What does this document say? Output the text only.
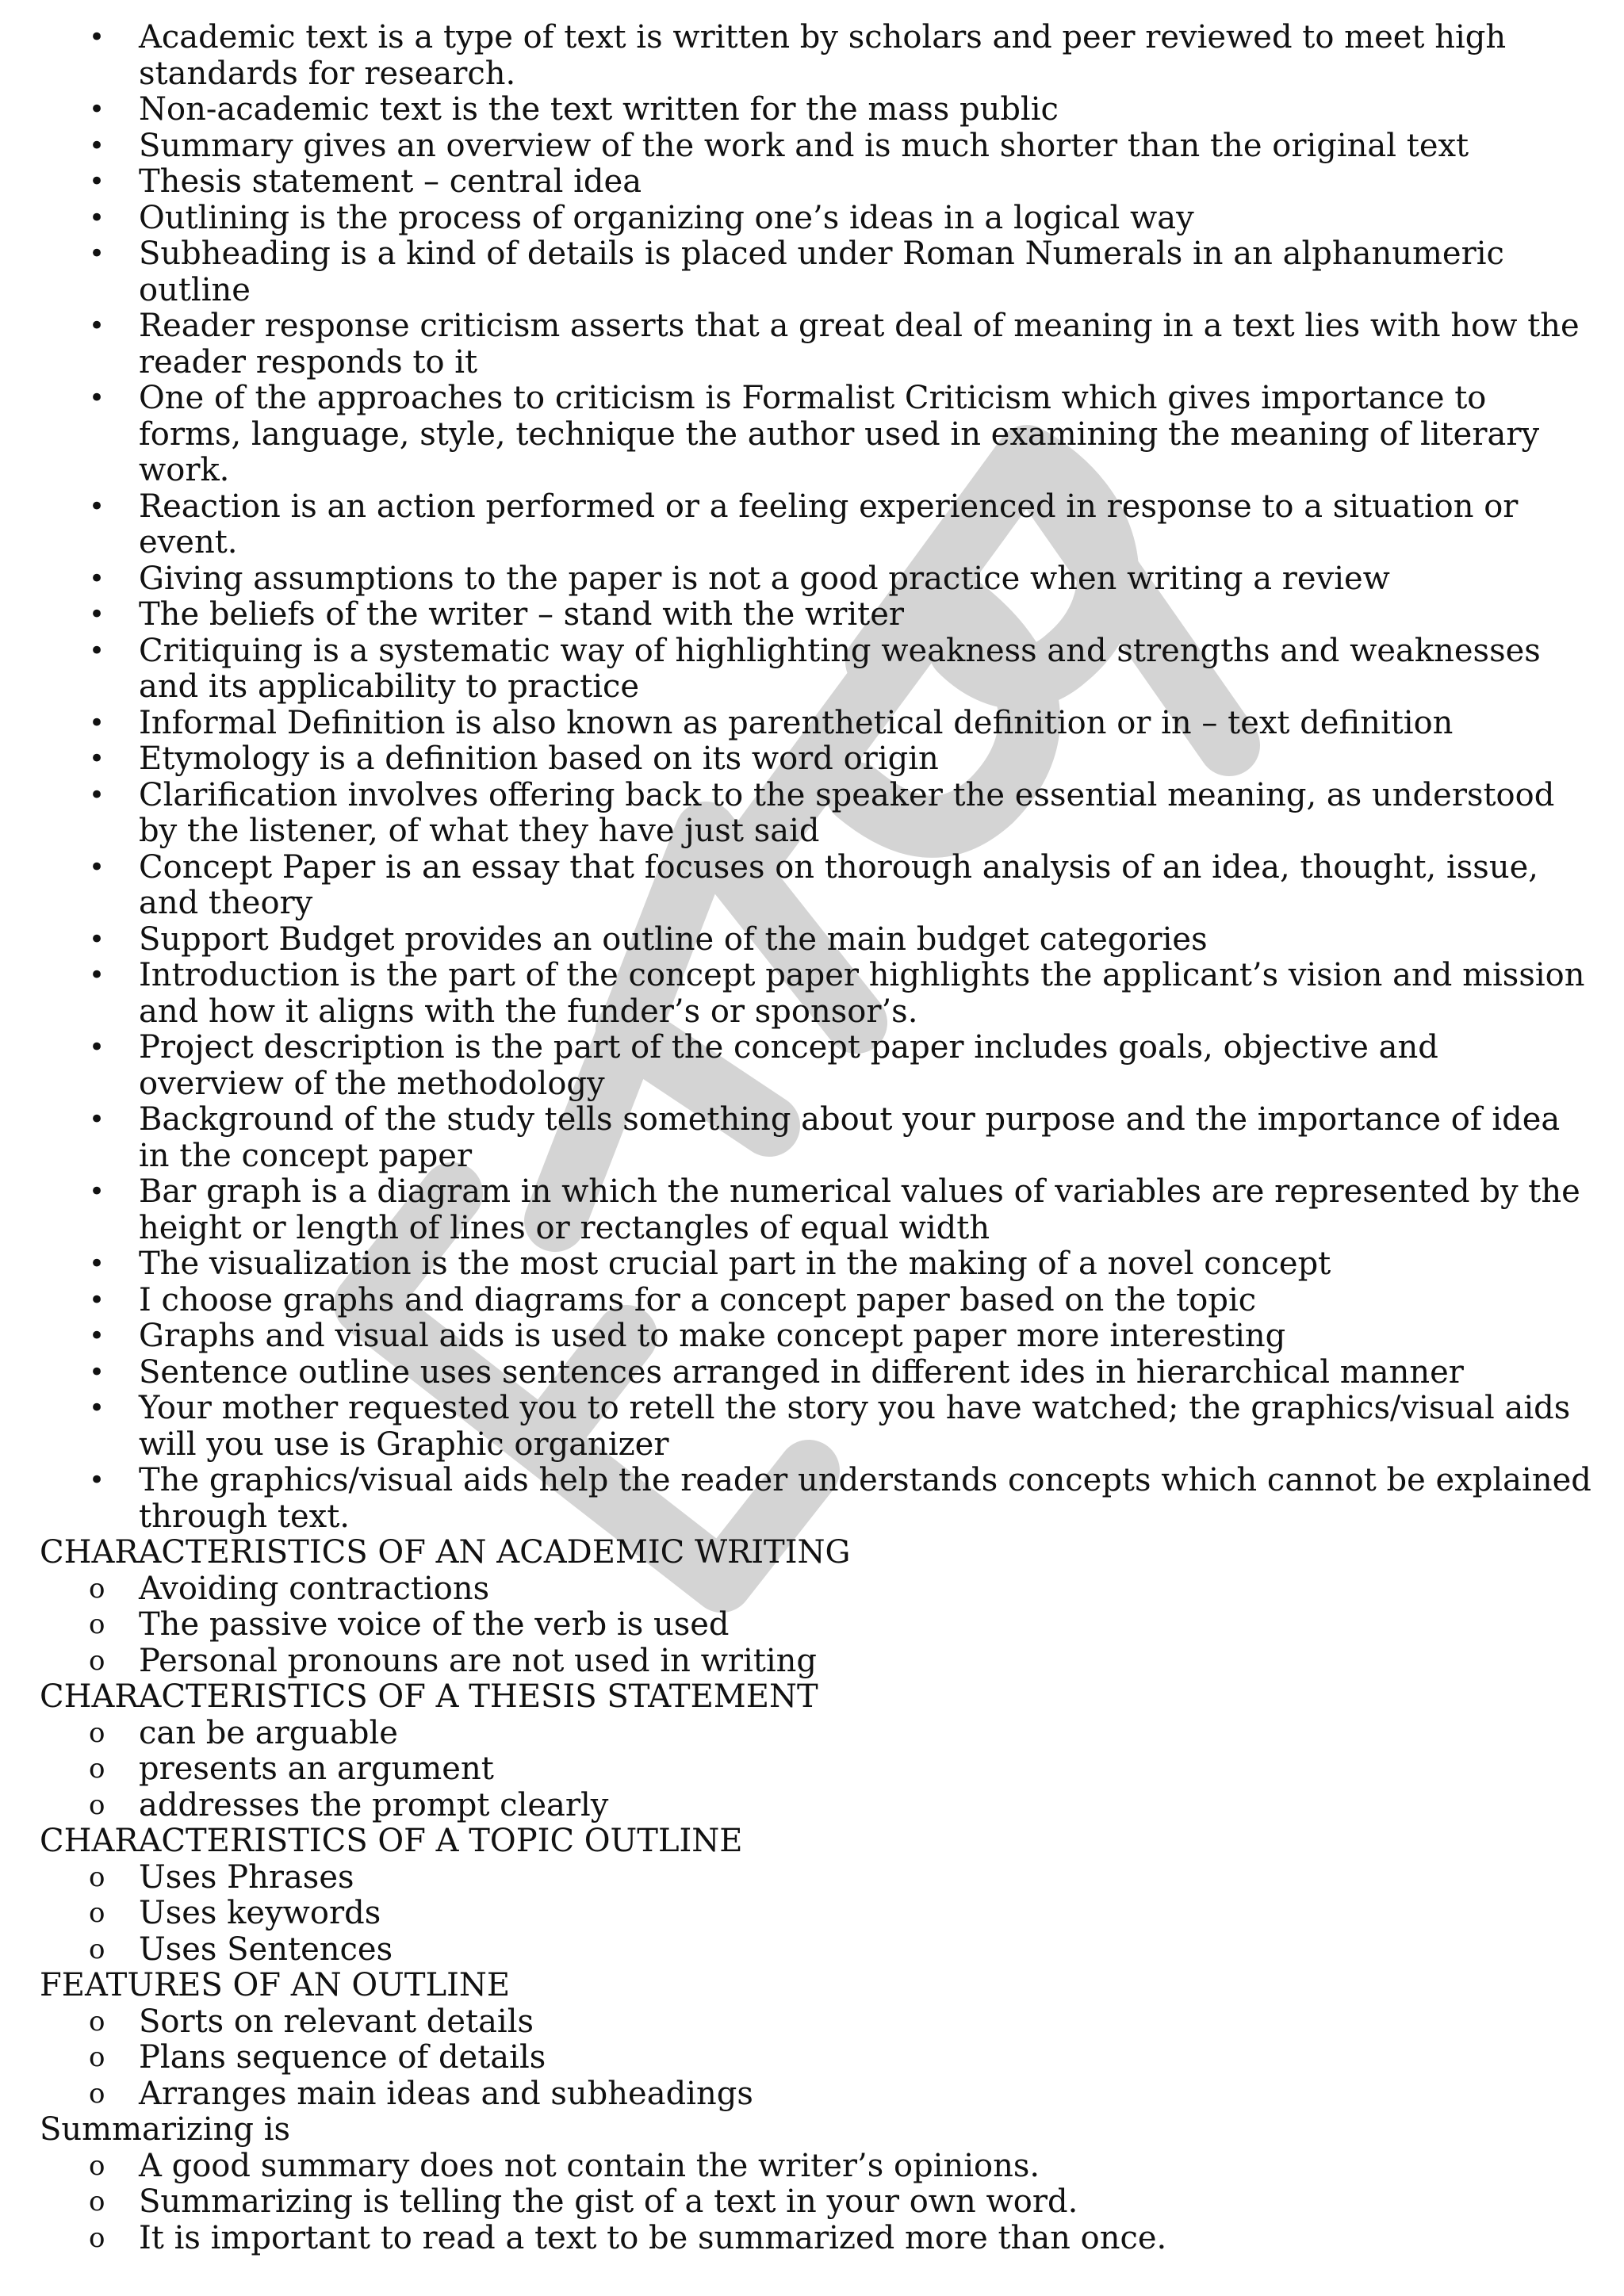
• Academic text is a type of text is written by scholars and peer reviewed to meet high standards for research.
• Non-academic text is the text written for the mass public
• Summary gives an overview of the work and is much shorter than the original text
• Thesis statement – central idea
• Outlining is the process of organizing one’s ideas in a logical way
• Subheading is a kind of details is placed under Roman Numerals in an alphanumeric outline
• Reader response criticism asserts that a great deal of meaning in a text lies with how the reader responds to it
• One of the approaches to criticism is Formalist Criticism which gives importance to forms, language, style, technique the author used in examining the meaning of literary work.
• Reaction is an action performed or a feeling experienced in response to a situation or event.
• Giving assumptions to the paper is not a good practice when writing a review
• The beliefs of the writer – stand with the writer
• Critiquing is a systematic way of highlighting weakness and strengths and weaknesses and its applicability to practice
• Informal Definition is also known as parenthetical definition or in – text definition
• Etymology is a definition based on its word origin
• Clarification involves offering back to the speaker the essential meaning, as understood by the listener, of what they have just said
• Concept Paper is an essay that focuses on thorough analysis of an idea, thought, issue, and theory
• Support Budget provides an outline of the main budget categories
• Introduction is the part of the concept paper highlights the applicant’s vision and mission and how it aligns with the funder’s or sponsor’s.
• Project description is the part of the concept paper includes goals, objective and overview of the methodology
• Background of the study tells something about your purpose and the importance of idea in the concept paper
• Bar graph is a diagram in which the numerical values of variables are represented by the height or length of lines or rectangles of equal width
• The visualization is the most crucial part in the making of a novel concept
• I choose graphs and diagrams for a concept paper based on the topic
• Graphs and visual aids is used to make concept paper more interesting
• Sentence outline uses sentences arranged in different ides in hierarchical manner
• Your mother requested you to retell the story you have watched; the graphics/visual aids will you use is Graphic organizer
• The graphics/visual aids help the reader understands concepts which cannot be explained through text.
CHARACTERISTICS OF AN ACADEMIC WRITING
o Avoiding contractions
o The passive voice of the verb is used
o Personal pronouns are not used in writing
CHARACTERISTICS OF A THESIS STATEMENT
o can be arguable
o presents an argument
o addresses the prompt clearly
CHARACTERISTICS OF A TOPIC OUTLINE
o Uses Phrases
o Uses keywords
o Uses Sentences
FEATURES OF AN OUTLINE
o Sorts on relevant details
o Plans sequence of details
o Arranges main ideas and subheadings
Summarizing is
o A good summary does not contain the writer’s opinions.
o Summarizing is telling the gist of a text in your own word.
o It is important to read a text to be summarized more than once.
